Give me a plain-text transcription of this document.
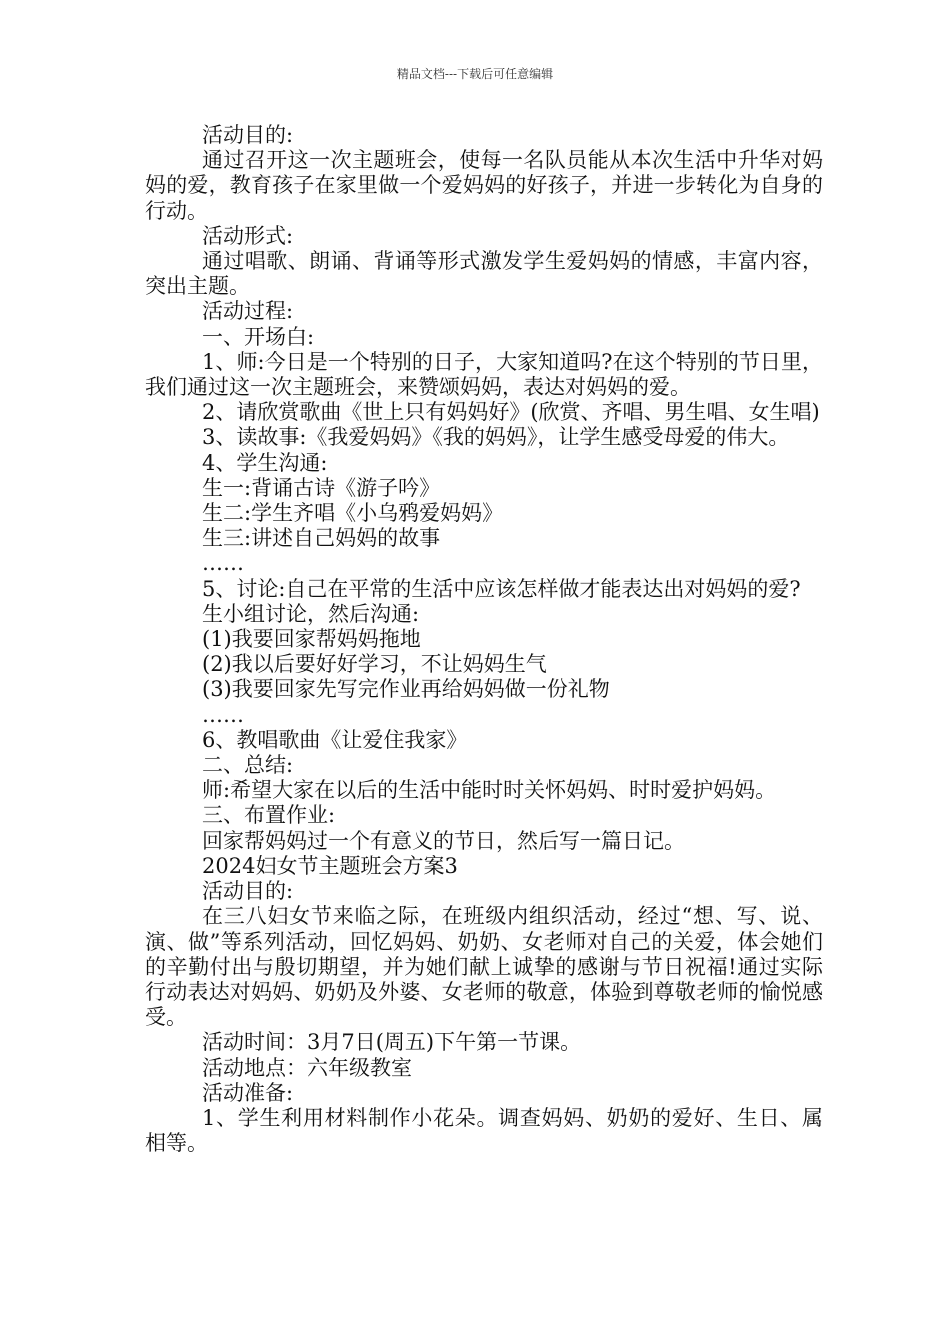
精品文档---下载后可任意编辑

活动目的:

通过召开这一次主题班会，使每一名队员能从本次生活中升华对妈妈的爱，教育孩子在家里做一个爱妈妈的好孩子，并进一步转化为自身的行动。

活动形式:

通过唱歌、朗诵、背诵等形式激发学生爱妈妈的情感，丰富内容，突出主题。

活动过程:

一、开场白:

1、师:今日是一个特别的日子，大家知道吗?在这个特别的节日里，我们通过这一次主题班会，来赞颂妈妈，表达对妈妈的爱。

2、请欣赏歌曲《世上只有妈妈好》(欣赏、齐唱、男生唱、女生唱)

3、读故事:《我爱妈妈》《我的妈妈》，让学生感受母爱的伟大。

4、学生沟通:

生一:背诵古诗《游子吟》

生二:学生齐唱《小乌鸦爱妈妈》

生三:讲述自己妈妈的故事

……

5、讨论:自己在平常的生活中应该怎样做才能表达出对妈妈的爱?

生小组讨论，然后沟通:

(1)我要回家帮妈妈拖地

(2)我以后要好好学习，不让妈妈生气

(3)我要回家先写完作业再给妈妈做一份礼物

……

6、教唱歌曲《让爱住我家》

二、总结:

师:希望大家在以后的生活中能时时关怀妈妈、时时爱护妈妈。

三、布置作业:

回家帮妈妈过一个有意义的节日，然后写一篇日记。

2024妇女节主题班会方案3

活动目的:

在三八妇女节来临之际，在班级内组织活动，经过“想、写、说、演、做”等系列活动，回忆妈妈、奶奶、女老师对自己的关爱，体会她们的辛勤付出与殷切期望，并为她们献上诚挚的感谢与节日祝福!通过实际行动表达对妈妈、奶奶及外婆、女老师的敬意，体验到尊敬老师的愉悦感受。

活动时间：3月7日(周五)下午第一节课。

活动地点：六年级教室

活动准备:

1、学生利用材料制作小花朵。调查妈妈、奶奶的爱好、生日、属相等。
